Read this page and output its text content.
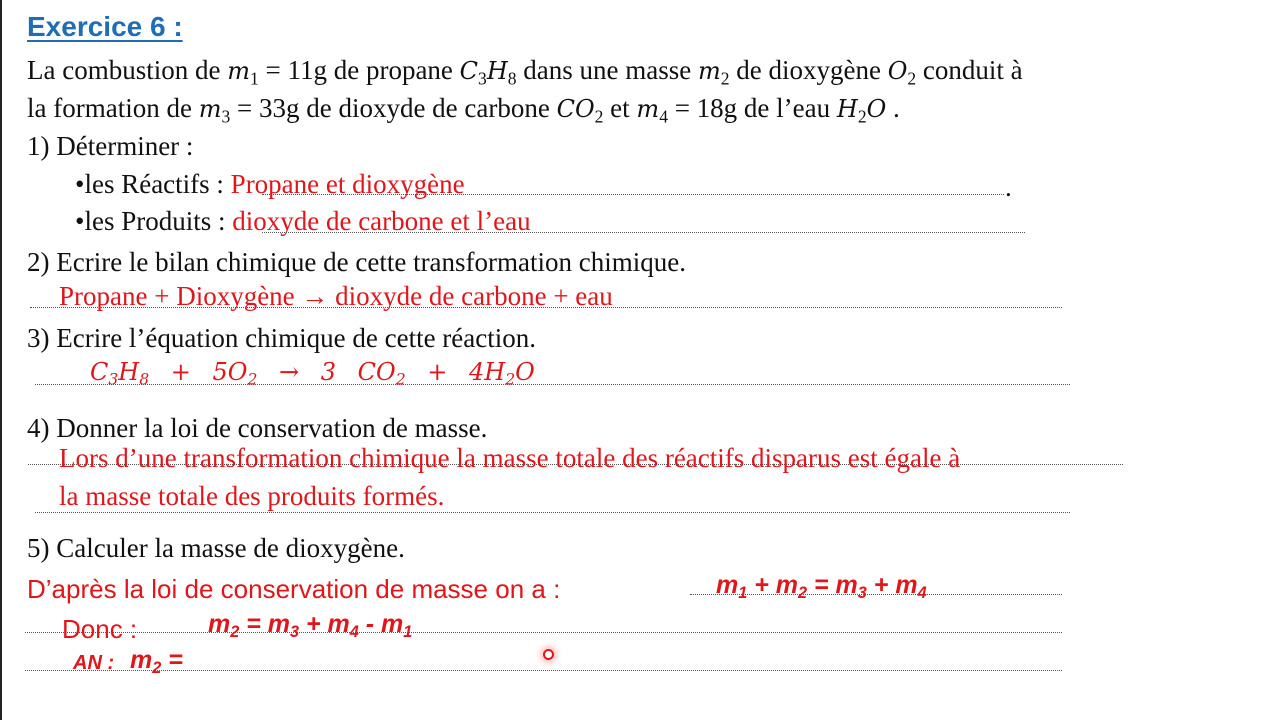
Exercice 6 :
La combustion de $m_1 = 11g$ de propane $C_3H_8$ dans une masse $m_2$ de dioxygène $O_2$ conduit à
la formation de $m_3 = 33g$ de dioxyde de carbone $CO_2$ et $m_4 = 18g$ de l’eau $H_2O$ .
1) Déterminer :
•les Réactifs : Propane et dioxygène	.
•les Produits : dioxyde de carbone et l’eau
2) Ecrire le bilan chimique de cette transformation chimique.
Propane + Dioxygène → dioxyde de carbone + eau
3) Ecrire l’équation chimique de cette réaction.
$C_3H_8 + 5O_2 \to 3$ $CO_2 + 4H_2O$
4) Donner la loi de conservation de masse.
Lors d’une transformation chimique la masse totale des réactifs disparus est égale à
la masse totale des produits formés.
5) Calculer la masse de dioxygène.
D’après la loi de conservation de masse on a :	$m_1 + m_2 = m_3 + m_4$
Donc :	$m_2 = m_3 + m_4 - m_1$
AN : $m_2$ =
